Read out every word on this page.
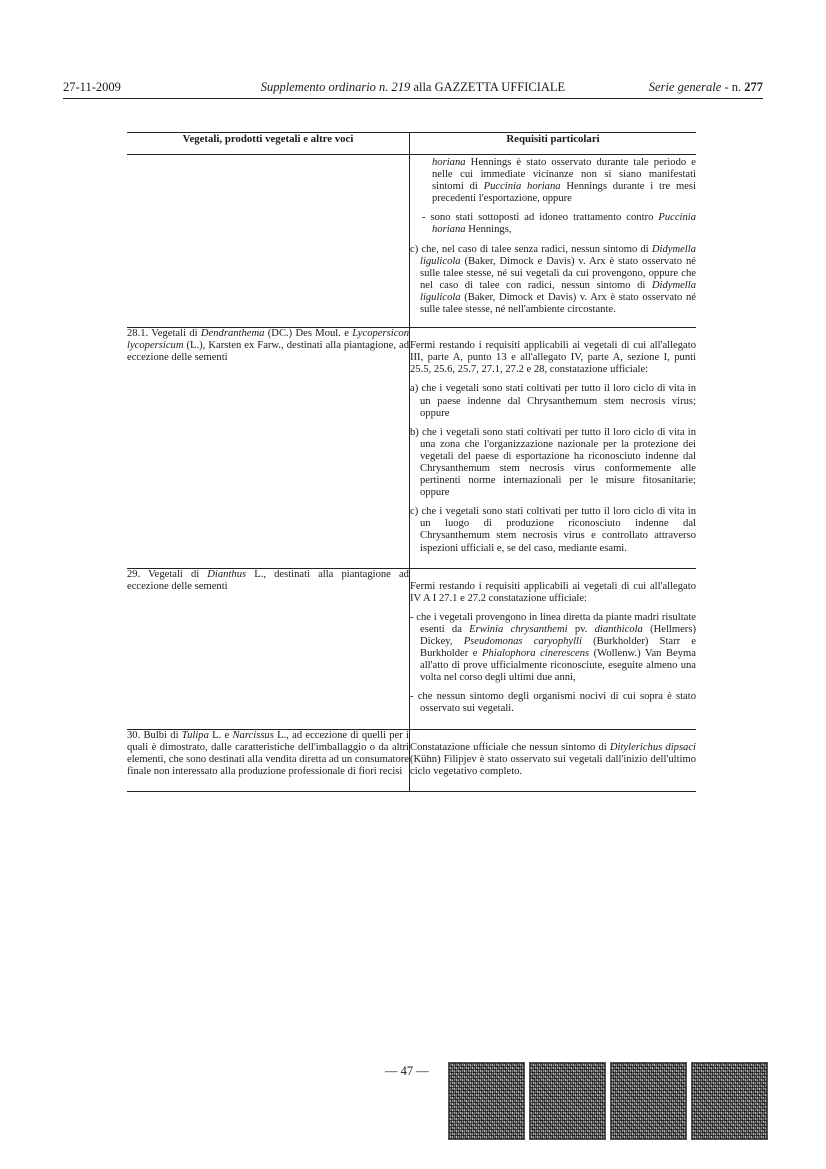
27-11-2009	Supplemento ordinario n. 219 alla GAZZETTA UFFICIALE	Serie generale - n. 277
Vegetali, prodotti vegetali e altre voci	Requisiti particolari

	horiana Hennings è stato osservato durante tale periodo e nelle cui immediate vicinanze non si siano manifestati sintomi di Puccinia horiana Hennings durante i tre mesi precedenti l'esportazione, oppure

- sono stati sottoposti ad idoneo trattamento contro Puccinia horiana Hennings,

c) che, nel caso di talee senza radici, nessun sintomo di Didymella ligulicola (Baker, Dimock e Davis) v. Arx è stato osservato né sulle talee stesse, né sui vegetali da cui provengono, oppure che nel caso di talee con radici, nessun sintomo di Didymella ligulicola (Baker, Dimock et Davis) v. Arx è stato osservato né sulle talee stesse, né nell'ambiente circostante.

28.1. Vegetali di Dendranthema (DC.) Des Moul. e Lycopersicon lycopersicum (L.), Karsten ex Farw., destinati alla piantagione, ad eccezione delle sementi	Fermi restando i requisiti applicabili ai vegetali di cui all'allegato III, parte A, punto 13 e all'allegato IV, parte A, sezione I, punti 25.5, 25.6, 25.7, 27.1, 27.2 e 28, constatazione ufficiale:

a) che i vegetali sono stati coltivati per tutto il loro ciclo di vita in un paese indenne dal Chrysanthemum stem necrosis virus; oppure

b) che i vegetali sono stati coltivati per tutto il loro ciclo di vita in una zona che l'organizzazione nazionale per la protezione dei vegetali del paese di esportazione ha riconosciuto indenne dal Chrysanthemum stem necrosis virus conformemente alle pertinenti norme internazionali per le misure fitosanitarie; oppure

c) che i vegetali sono stati coltivati per tutto il loro ciclo di vita in un luogo di produzione riconosciuto indenne dal Chrysanthemum stem necrosis virus e controllato attraverso ispezioni ufficiali e, se del caso, mediante esami.

29. Vegetali di Dianthus L., destinati alla piantagione ad eccezione delle sementi	Fermi restando i requisiti applicabili ai vegetali di cui all'allegato IV A I 27.1 e 27.2 constatazione ufficiale:

- che i vegetali provengono in linea diretta da piante madri risultate esenti da Erwinia chrysanthemi pv. dianthicola (Hellmers) Dickey, Pseudomonas caryophylli (Burkholder) Starr e Burkholder e Phialophora cinerescens (Wollenw.) Van Beyma all'atto di prove ufficialmente riconosciute, eseguite almeno una volta nel corso degli ultimi due anni,

- che nessun sintomo degli organismi nocivi di cui sopra è stato osservato sui vegetali.

30. Bulbi di Tulipa L. e Narcissus L., ad eccezione di quelli per i quali è dimostrato, dalle caratteristiche dell'imballaggio o da altri elementi, che sono destinati alla vendita diretta ad un consumatore finale non interessato alla produzione professionale di fiori recisi	Constatazione ufficiale che nessun sintomo di Ditylerichus dipsaci (Kühn) Filipjev è stato osservato sui vegetali dall'inizio dell'ultimo ciclo vegetativo completo.

— 47 —
